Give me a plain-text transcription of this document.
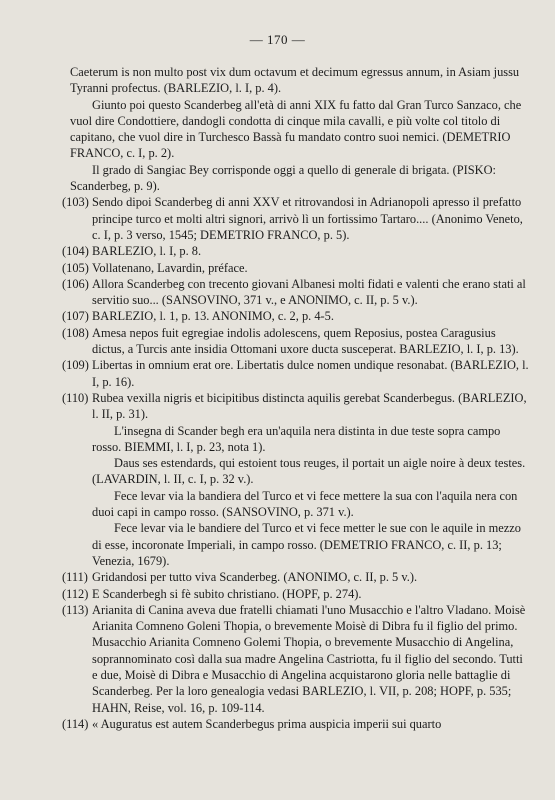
— 170 —

Caeterum is non multo post vix dum octavum et decimum egressus annum, in Asiam jussu Tyranni profectus. (BARLEZIO, l. I, p. 4).

Giunto poi questo Scanderbeg all'età di anni XIX fu fatto dal Gran Turco Sanzaco, che vuol dire Condottiere, dandogli condotta di cinque mila cavalli, e più volte col titolo di capitano, che vuol dire in Turchesco Bassà fu mandato contro suoi nemici. (DEMETRIO FRANCO, c. I, p. 2).

Il grado di Sangiac Bey corrisponde oggi a quello di generale di brigata. (PISKO: Scanderbeg, p. 9).

(103) Sendo dipoi Scanderbeg di anni XXV et ritrovandosi in Adrianopoli apresso il prefatto principe turco et molti altri signori, arrivò lì un fortissimo Tartaro.... (Anonimo Veneto, c. I, p. 3 verso, 1545; DEMETRIO FRANCO, p. 5).
(104) BARLEZIO, l. I, p. 8.
(105) Vollatenano, Lavardin, préface.
(106) Allora Scanderbeg con trecento giovani Albanesi molti fidati e valenti che erano stati al servitio suo... (SANSOVINO, 371 v., e ANONIMO, c. II, p. 5 v.).
(107) BARLEZIO, l. 1, p. 13. ANONIMO, c. 2, p. 4-5.
(108) Amesa nepos fuit egregiae indolis adolescens, quem Reposius, postea Caragusius dictus, a Turcis ante insidia Ottomani uxore ducta susceperat. BARLEZIO, l. I, p. 13).
(109) Libertas in omnium erat ore. Libertatis dulce nomen undique resonabat. (BARLEZIO, l. I, p. 16).
(110) Rubea vexilla nigris et bicipitibus distincta aquilis gerebat Scanderbegus. (BARLEZIO, l. II, p. 31).
L'insegna di Scander begh era un'aquila nera distinta in due teste sopra campo rosso. BIEMMI, l. I, p. 23, nota 1).
Daus ses estendards, qui estoient tous reuges, il portait un aigle noire à deux testes. (LAVARDIN, l. II, c. I, p. 32 v.).
Fece levar via la bandiera del Turco et vi fece mettere la sua con l'aquila nera con duoi capi in campo rosso. (SANSOVINO, p. 371 v.).
Fece levar via le bandiere del Turco et vi fece metter le sue con le aquile in mezzo di esse, incoronate Imperiali, in campo rosso. (DEMETRIO FRANCO, c. II, p. 13; Venezia, 1679).
(111) Gridandosi per tutto viva Scanderbeg. (ANONIMO, c. II, p. 5 v.).
(112) E Scanderbegh si fè subito christiano. (HOPF, p. 274).
(113) Arianita di Canina aveva due fratelli chiamati l'uno Musacchio e l'altro Vladano. Moisè Arianita Comneno Goleni Thopia, o brevemente Moisè di Dibra fu il figlio del primo. Musacchio Arianita Comneno Golemi Thopia, o brevemente Musacchio di Angelina, soprannominato così dalla sua madre Angelina Castriotta, fu il figlio del secondo. Tutti e due, Moisè di Dibra e Musacchio di Angelina acquistarono gloria nelle battaglie di Scanderbeg. Per la loro genealogia vedasi BARLEZIO, l. VII, p. 208; HOPF, p. 535; HAHN, Reise, vol. 16, p. 109-114.
(114) « Auguratus est autem Scanderbegus prima auspicia imperii sui quarto
